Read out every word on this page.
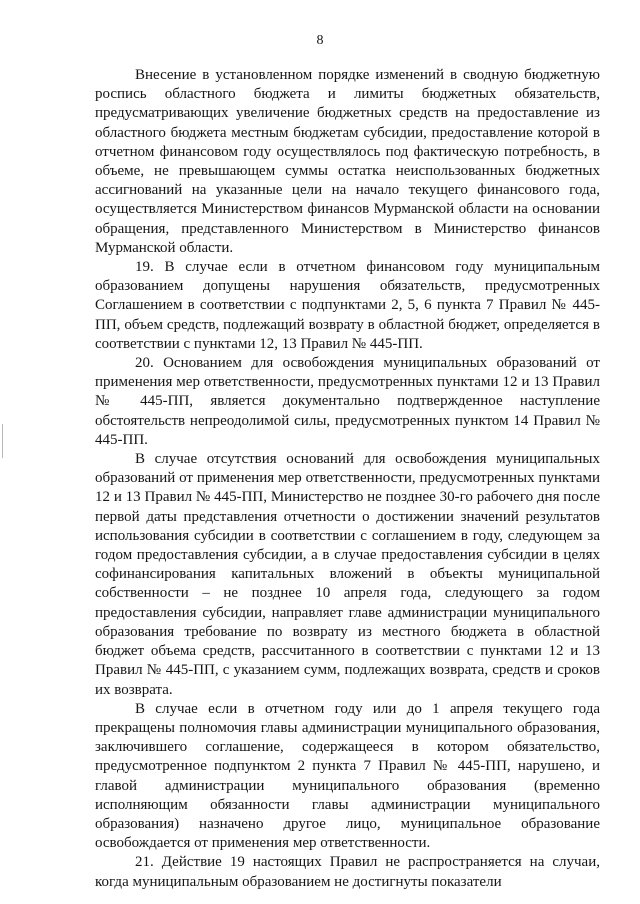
8

Внесение в установленном порядке изменений в сводную бюджетную роспись областного бюджета и лимиты бюджетных обязательств, предусматривающих увеличение бюджетных средств на предоставление из областного бюджета местным бюджетам субсидии, предоставление которой в отчетном финансовом году осуществлялось под фактическую потребность, в объеме, не превышающем суммы остатка неиспользованных бюджетных ассигнований на указанные цели на начало текущего финансового года, осуществляется Министерством финансов Мурманской области на основании обращения, представленного Министерством в Министерство финансов Мурманской области.

19. В случае если в отчетном финансовом году муниципальным образованием допущены нарушения обязательств, предусмотренных Соглашением в соответствии с подпунктами 2, 5, 6 пункта 7 Правил № 445-ПП, объем средств, подлежащий возврату в областной бюджет, определяется в соответствии с пунктами 12, 13 Правил № 445-ПП.

20. Основанием для освобождения муниципальных образований от применения мер ответственности, предусмотренных пунктами 12 и 13 Правил № 445-ПП, является документально подтвержденное наступление обстоятельств непреодолимой силы, предусмотренных пунктом 14 Правил № 445-ПП.

В случае отсутствия оснований для освобождения муниципальных образований от применения мер ответственности, предусмотренных пунктами 12 и 13 Правил № 445-ПП, Министерство не позднее 30-го рабочего дня после первой даты представления отчетности о достижении значений результатов использования субсидии в соответствии с соглашением в году, следующем за годом предоставления субсидии, а в случае предоставления субсидии в целях софинансирования капитальных вложений в объекты муниципальной собственности – не позднее 10 апреля года, следующего за годом предоставления субсидии, направляет главе администрации муниципального образования требование по возврату из местного бюджета в областной бюджет объема средств, рассчитанного в соответствии с пунктами 12 и 13 Правил № 445-ПП, с указанием сумм, подлежащих возврата, средств и сроков их возврата.

В случае если в отчетном году или до 1 апреля текущего года прекращены полномочия главы администрации муниципального образования, заключившего соглашение, содержащееся в котором обязательство, предусмотренное подпунктом 2 пункта 7 Правил № 445-ПП, нарушено, и главой администрации муниципального образования (временно исполняющим обязанности главы администрации муниципального образования) назначено другое лицо, муниципальное образование освобождается от применения мер ответственности.

21. Действие 19 настоящих Правил не распространяется на случаи, когда муниципальным образованием не достигнуты показатели
